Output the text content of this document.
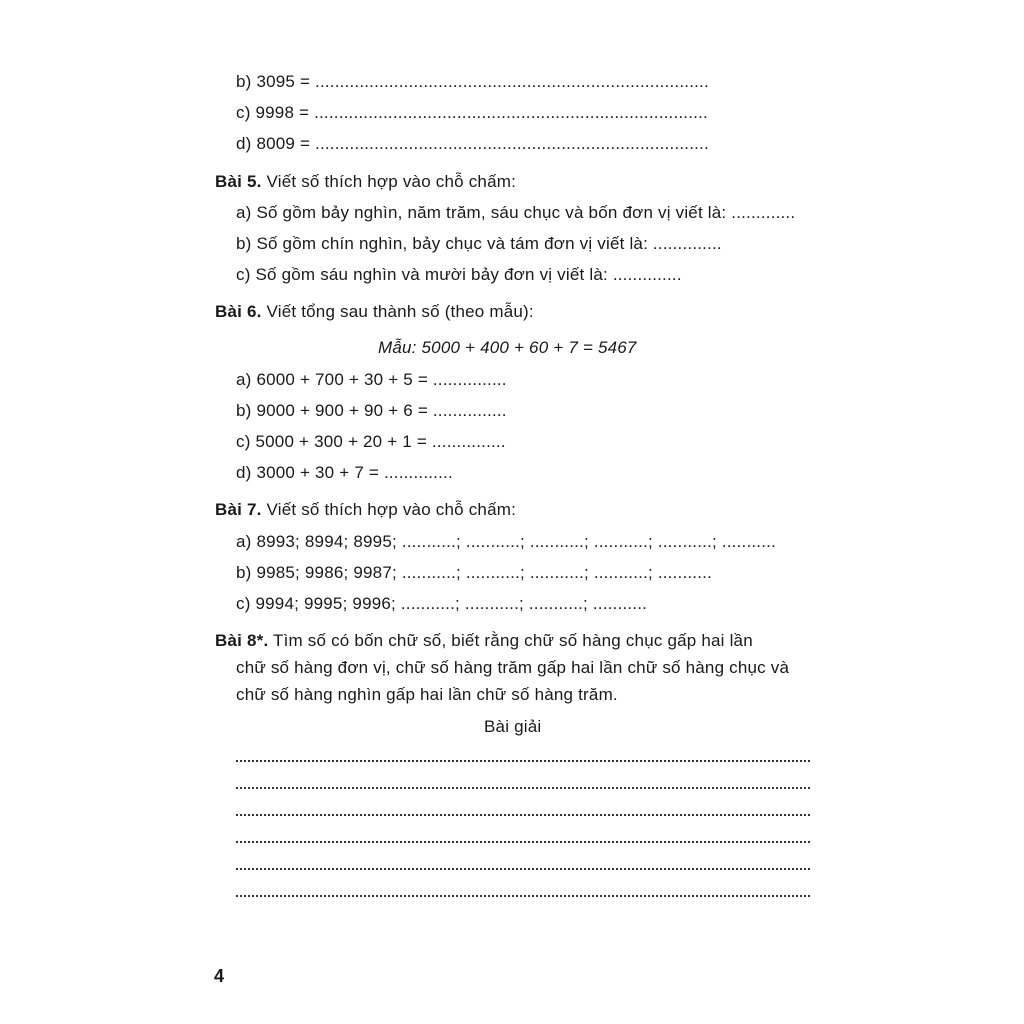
b) 3095 = ................................................................................
c) 9998 = ................................................................................
d) 8009 = ................................................................................
Bài 5. Viết số thích hợp vào chỗ chấm:
a) Số gồm bảy nghìn, năm trăm, sáu chục và bốn đơn vị viết là: .............
b) Số gồm chín nghìn, bảy chục và tám đơn vị viết là: ..............
c) Số gồm sáu nghìn và mười bảy đơn vị viết là: ..............
Bài 6. Viết tổng sau thành số (theo mẫu):
Mẫu: 5000 + 400 + 60 + 7 = 5467
a) 6000 + 700 + 30 + 5 = ...............
b) 9000 + 900 + 90 + 6 = ...............
c) 5000 + 300 + 20 + 1 = ...............
d) 3000 + 30 + 7 = ..............
Bài 7. Viết số thích hợp vào chỗ chấm:
a) 8993; 8994; 8995; ...........; ...........; ...........; ...........; ...........; ...........
b) 9985; 9986; 9987; ...........; ...........; ...........; ...........; ...........
c) 9994; 9995; 9996; ...........; ...........; ...........; ...........
Bài 8*. Tìm số có bốn chữ số, biết rằng chữ số hàng chục gấp hai lần
chữ số hàng đơn vị, chữ số hàng trăm gấp hai lần chữ số hàng chục và
chữ số hàng nghìn gấp hai lần chữ số hàng trăm.
Bài giải
4
